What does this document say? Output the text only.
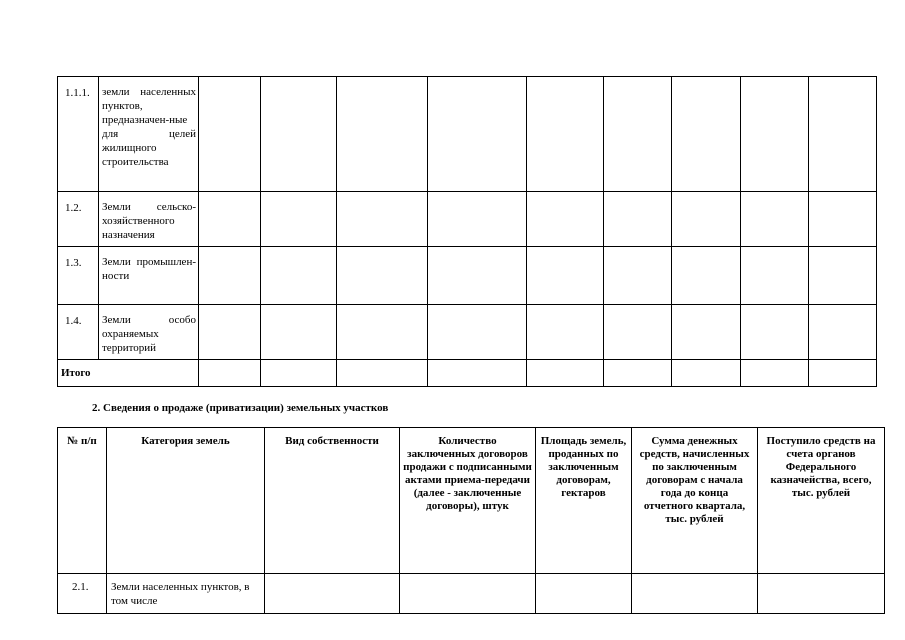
1.1.1.	земли населенных пунктов, предназначен-ные для целей жилищного строительства									
1.2.	Земли сельско-хозяйственного назначения									
1.3.	Земли промышлен-ности									
1.4.	Земли особо охраняемых территорий									
Итого										
2. Сведения о продаже (приватизации) земельных участков
№ п/п	Категория земель	Вид собственности	Количество заключенных договоров продажи с подписанными актами приема-передачи (далее - заключенные договоры), штук	Площадь земель, проданных по заключенным договорам, гектаров	Сумма денежных средств, начисленных по заключенным договорам с начала года до конца отчетного квартала, тыс. рублей	Поступило средств на счета органов Федерального казначейства, всего, тыс. рублей
2.1.	Земли населенных пунктов, в том числе					
